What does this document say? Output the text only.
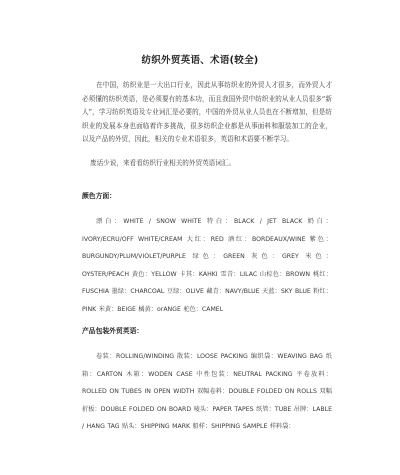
纺织外贸英语、术语(较全)

在中国，纺织业是一大出口行业，因此从事纺织业的外贸人才很多，而外贸人才必须懂的纺织英语，是必须要有的基本功，而且我国外贸中纺织业的从业人员很多“新人”，学习纺织英语及专业词汇是必要的，中国的外贸从业人员也在不断增加，但是纺织业的发展本身也面临着许多挑战，很多纺织企业都是从事面料和服装加工的企业，以及产品的外贸，因此，相关的专业术语很多，英语和术语要不断学习。

废话少说，来看看纺织行业相关的外贸英语词汇。

颜色方面：

漂白：WHITE / SNOW WHITE 特白：BLACK / JET BLACK 奶白：IVORY/ECRU/OFF WHITE/CREAM 大红：RED 酒红：BORDEAUX/WINE 紫色：BURGUNDY/PLUM/VIOLET/PURPLE 绿色：GREEN 灰色：GREY 米色：OYSTER/PEACH 黄色：YELLOW 卡其：KAHKI 雪青：LILAC 山棕色：BROWN 桃红：FUSCHIA 墨绿：CHARCOAL 豆绿：OLIVE 藏青：NAVY/BLUE 天蓝：SKY BLUE 粉红：PINK 米黄：BEIGE 橘黄：orANGE 驼色：CAMEL

产品包装外贸英语：

卷装：ROLLING/WINDING 散装：LOOSE PACKING 编织袋：WEAVING BAG 纸箱：CARTON 木箱：WODEN CASE 中性包装：NEUTRAL PACKING 平卷放料：ROLLED ON TUBES IN OPEN WIDTH 双幅卷料：DOUBLE FOLDED ON ROLLS 双幅折板：DOUBLE FOLDED ON BOARD 唛头：PAPER TAPES 纸管：TUBE 吊牌：LABLE / HANG TAG 贴头：SHIPPING MARK 船样：SHIPPING SAMPLE 样料袋：
